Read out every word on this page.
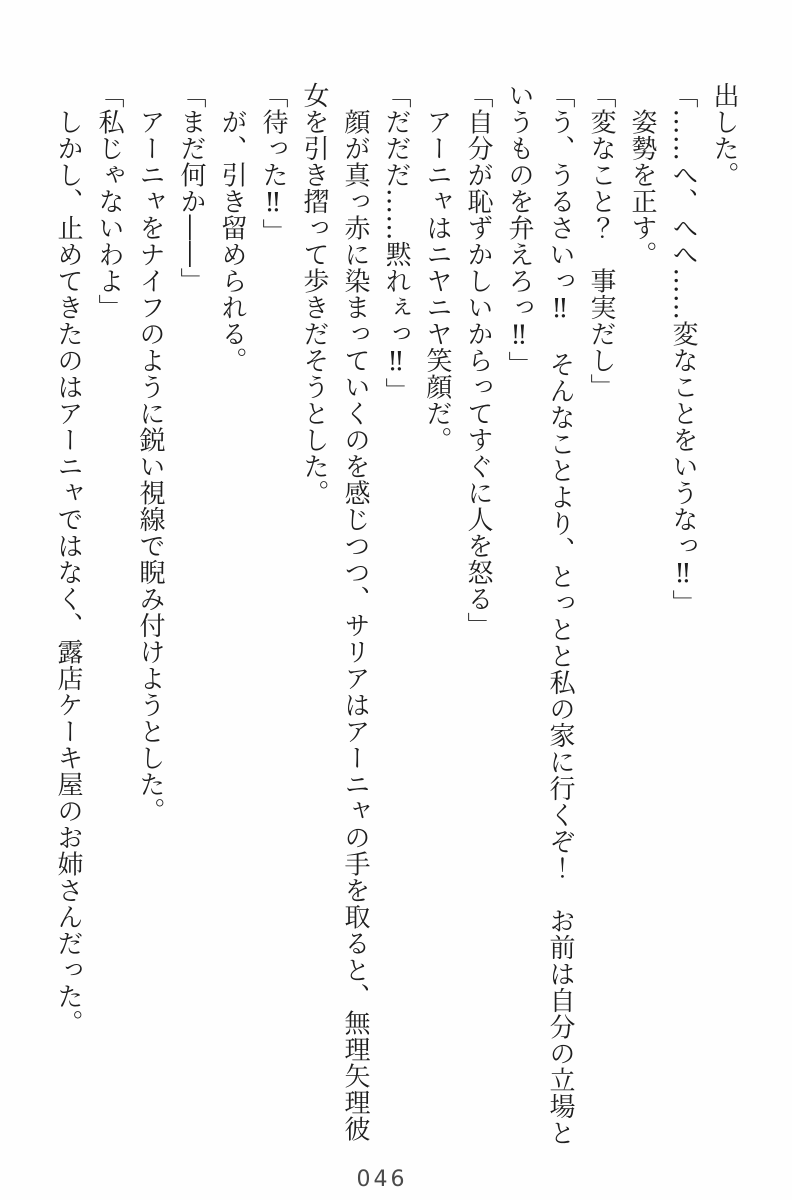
出した。

「……へ、へへ……変なことをいうなっ‼」

　姿勢を正す。

「変なこと？　事実だし」

「う、うるさいっ‼　そんなことより、とっとと私の家に行くぞ！　お前は自分の立場と

いうものを弁えろっ‼」

「自分が恥ずかしいからってすぐに人を怒る」

　アーニャはニヤニヤ笑顔だ。

「だだだ……黙れぇっ‼」

　顔が真っ赤に染まっていくのを感じつつ、サリアはアーニャの手を取ると、無理矢理彼

女を引き摺って歩きだそうとした。

「待った‼」

　が、引き留められる。

「まだ何か――」

　アーニャをナイフのように鋭い視線で睨み付けようとした。

「私じゃないわよ」

　しかし、止めてきたのはアーニャではなく、露店ケーキ屋のお姉さんだった。

046
